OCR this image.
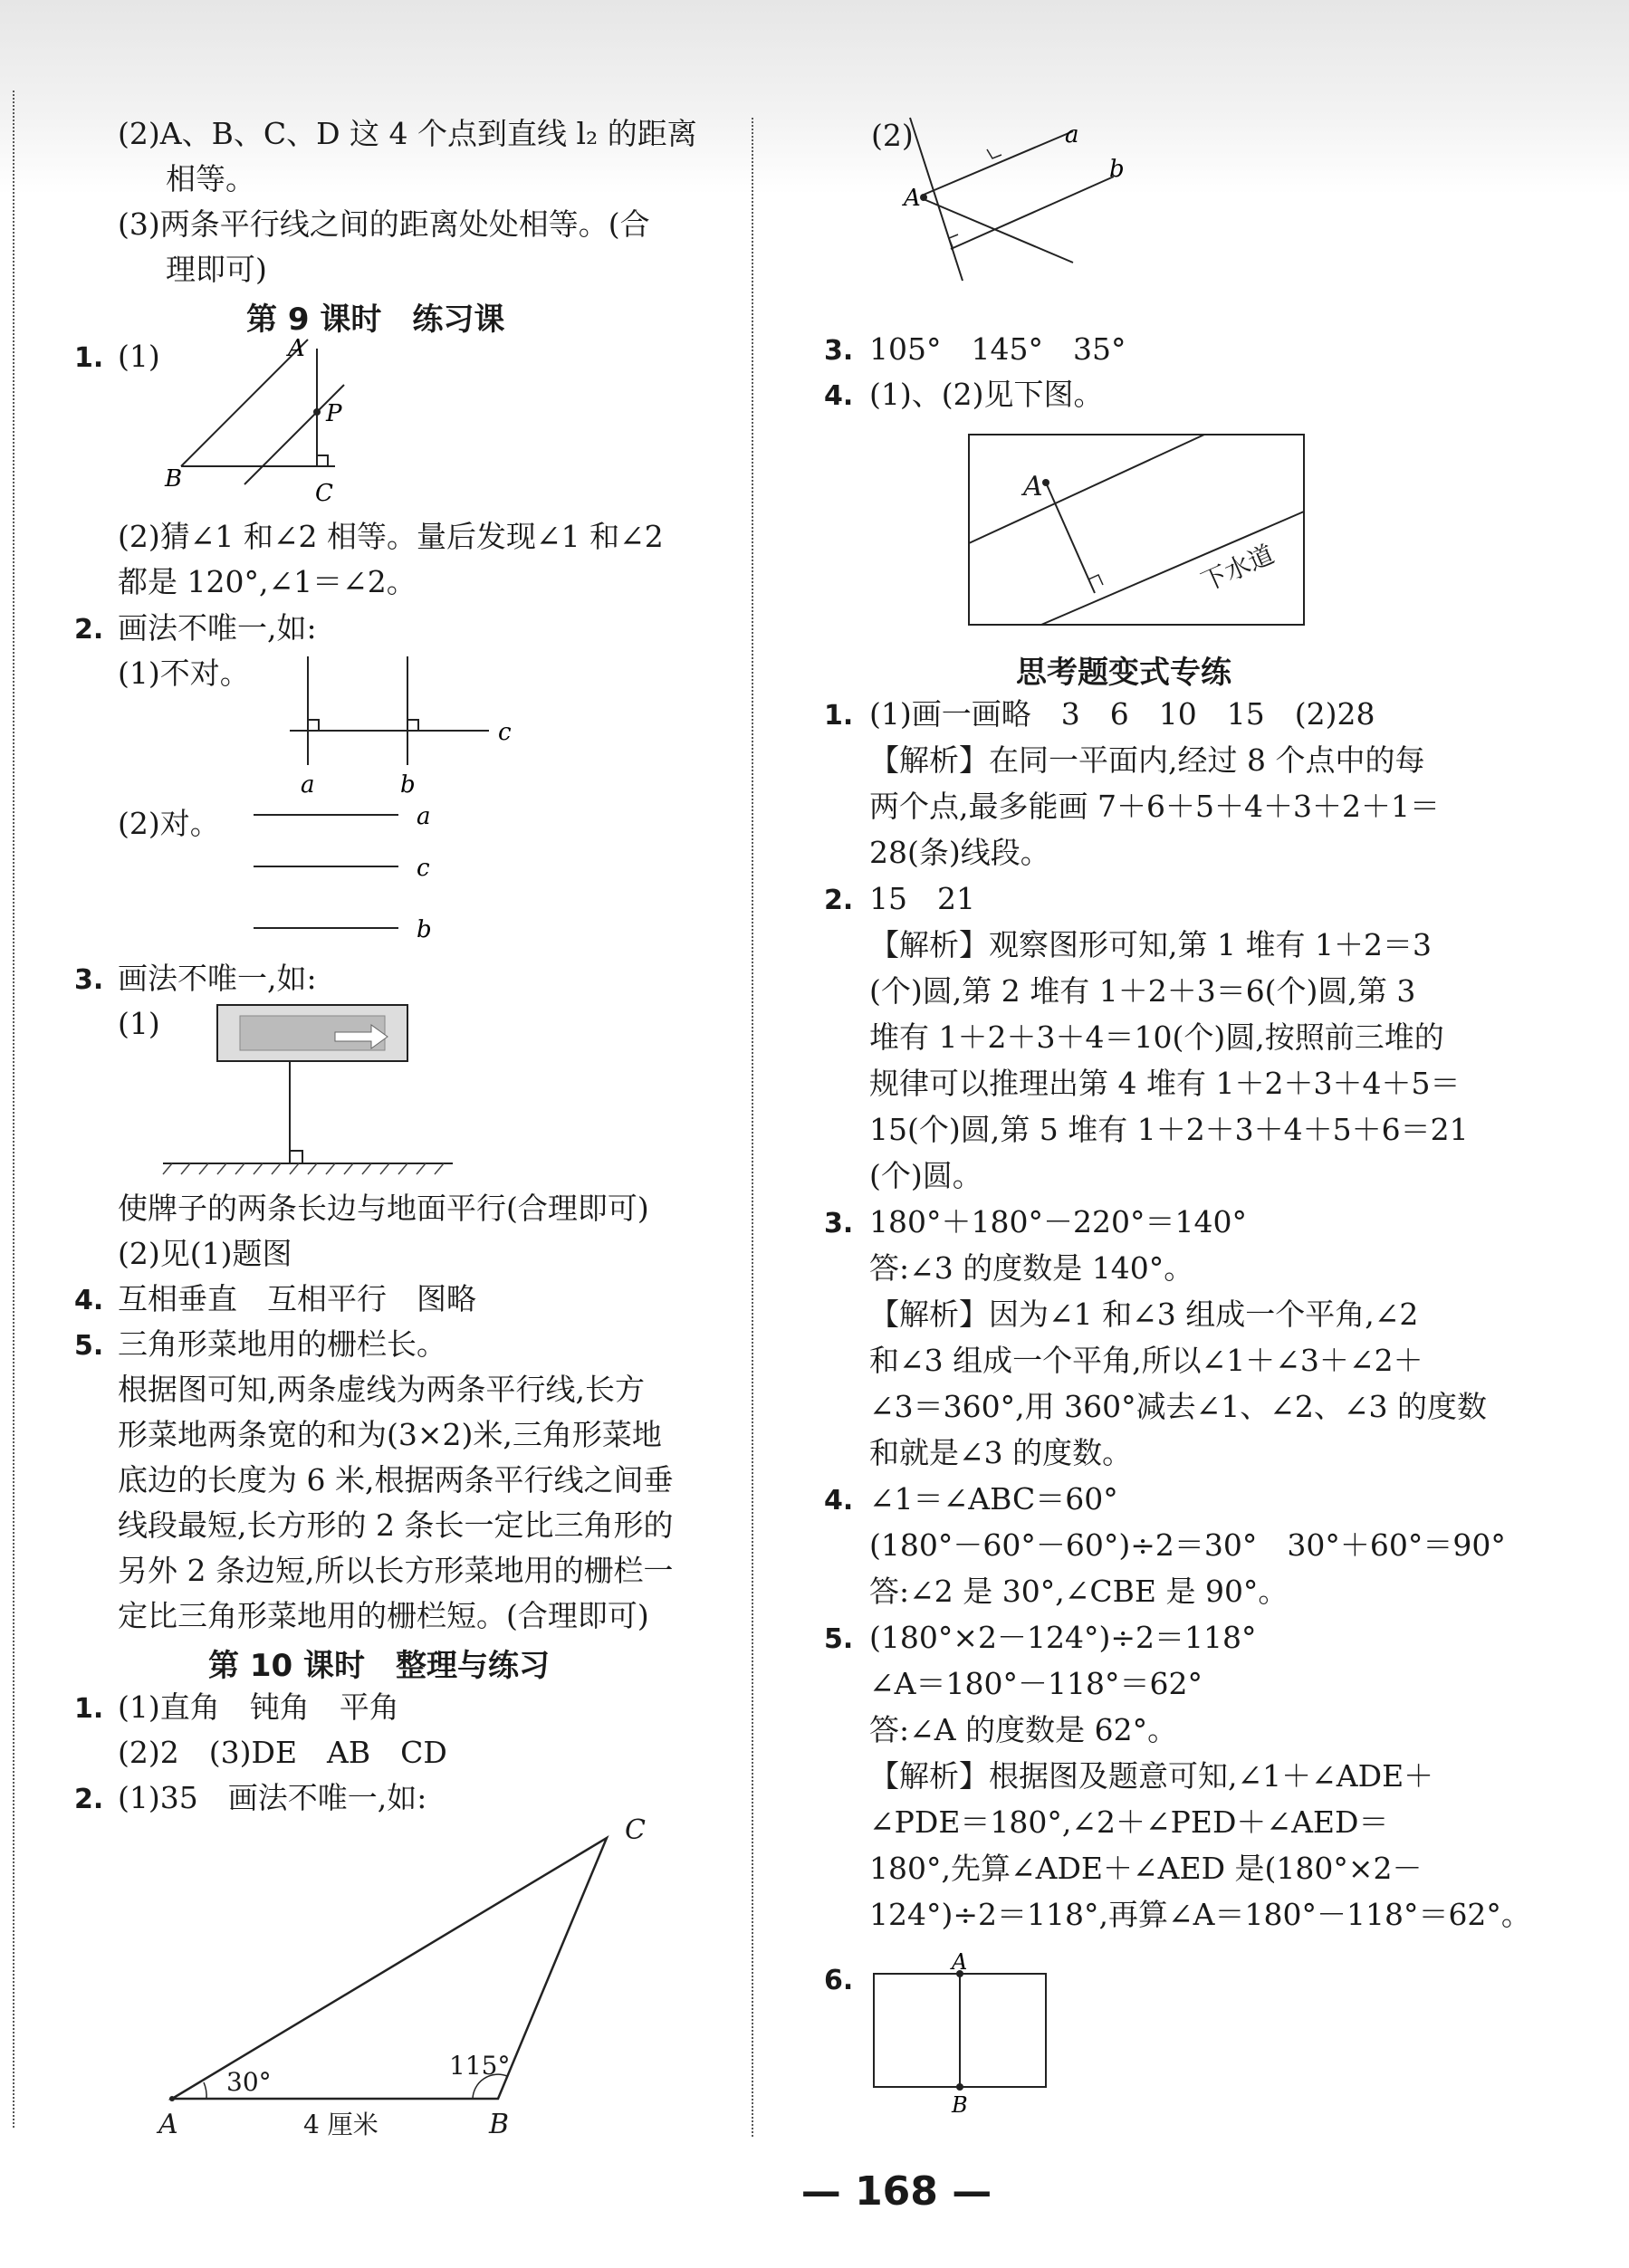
(2)A、B、C、D 这 4 个点到直线 l₂ 的距离
相等。
(3)两条平行线之间的距离处处相等。(合
理即可)
第 9 课时　练习课
1. (1)	A
P
B
C
(2)猜∠1 和∠2 相等。量后发现∠1 和∠2
都是 120°,∠1＝∠2。
2. 画法不唯一,如:
(1)不对。
c
a	b
(2)对。	a
c
b
3. 画法不唯一,如:
(1)
使牌子的两条长边与地面平行(合理即可)
(2)见(1)题图
4. 互相垂直　互相平行　图略
5. 三角形菜地用的栅栏长。
根据图可知,两条虚线为两条平行线,长方
形菜地两条宽的和为(3×2)米,三角形菜地
底边的长度为 6 米,根据两条平行线之间垂
线段最短,长方形的 2 条长一定比三角形的
另外 2 条边短,所以长方形菜地用的栅栏一
定比三角形菜地用的栅栏短。(合理即可)
第 10 课时　整理与练习
1. (1)直角　钝角　平角
(2)2　(3)DE　AB　CD
2. (1)35　画法不唯一,如:
A	B
C
30°
115°
4 厘米
(2)
A
a
b
3. 105°　145°　35°
4. (1)、(2)见下图。
A
下水道
思考题变式专练
1. (1)画一画略　3　6　10　15　(2)28
【解析】在同一平面内,经过 8 个点中的每
两个点,最多能画 7＋6＋5＋4＋3＋2＋1＝
28(条)线段。
2. 15　21
【解析】观察图形可知,第 1 堆有 1＋2＝3
(个)圆,第 2 堆有 1＋2＋3＝6(个)圆,第 3
堆有 1＋2＋3＋4＝10(个)圆,按照前三堆的
规律可以推理出第 4 堆有 1＋2＋3＋4＋5＝
15(个)圆,第 5 堆有 1＋2＋3＋4＋5＋6＝21
(个)圆。
3. 180°＋180°－220°＝140°
答:∠3 的度数是 140°。
【解析】因为∠1 和∠3 组成一个平角,∠2
和∠3 组成一个平角,所以∠1＋∠3＋∠2＋
∠3＝360°,用 360°减去∠1、∠2、∠3 的度数
和就是∠3 的度数。
4. ∠1＝∠ABC＝60°
(180°－60°－60°)÷2＝30°　30°＋60°＝90°
答:∠2 是 30°,∠CBE 是 90°。
5. (180°×2－124°)÷2＝118°
∠A＝180°－118°＝62°
答:∠A 的度数是 62°。
【解析】根据图及题意可知,∠1＋∠ADE＋
∠PDE＝180°,∠2＋∠PED＋∠AED＝
180°,先算∠ADE＋∠AED 是(180°×2－
124°)÷2＝118°,再算∠A＝180°－118°＝62°。
6.
A
B
— 168 —
